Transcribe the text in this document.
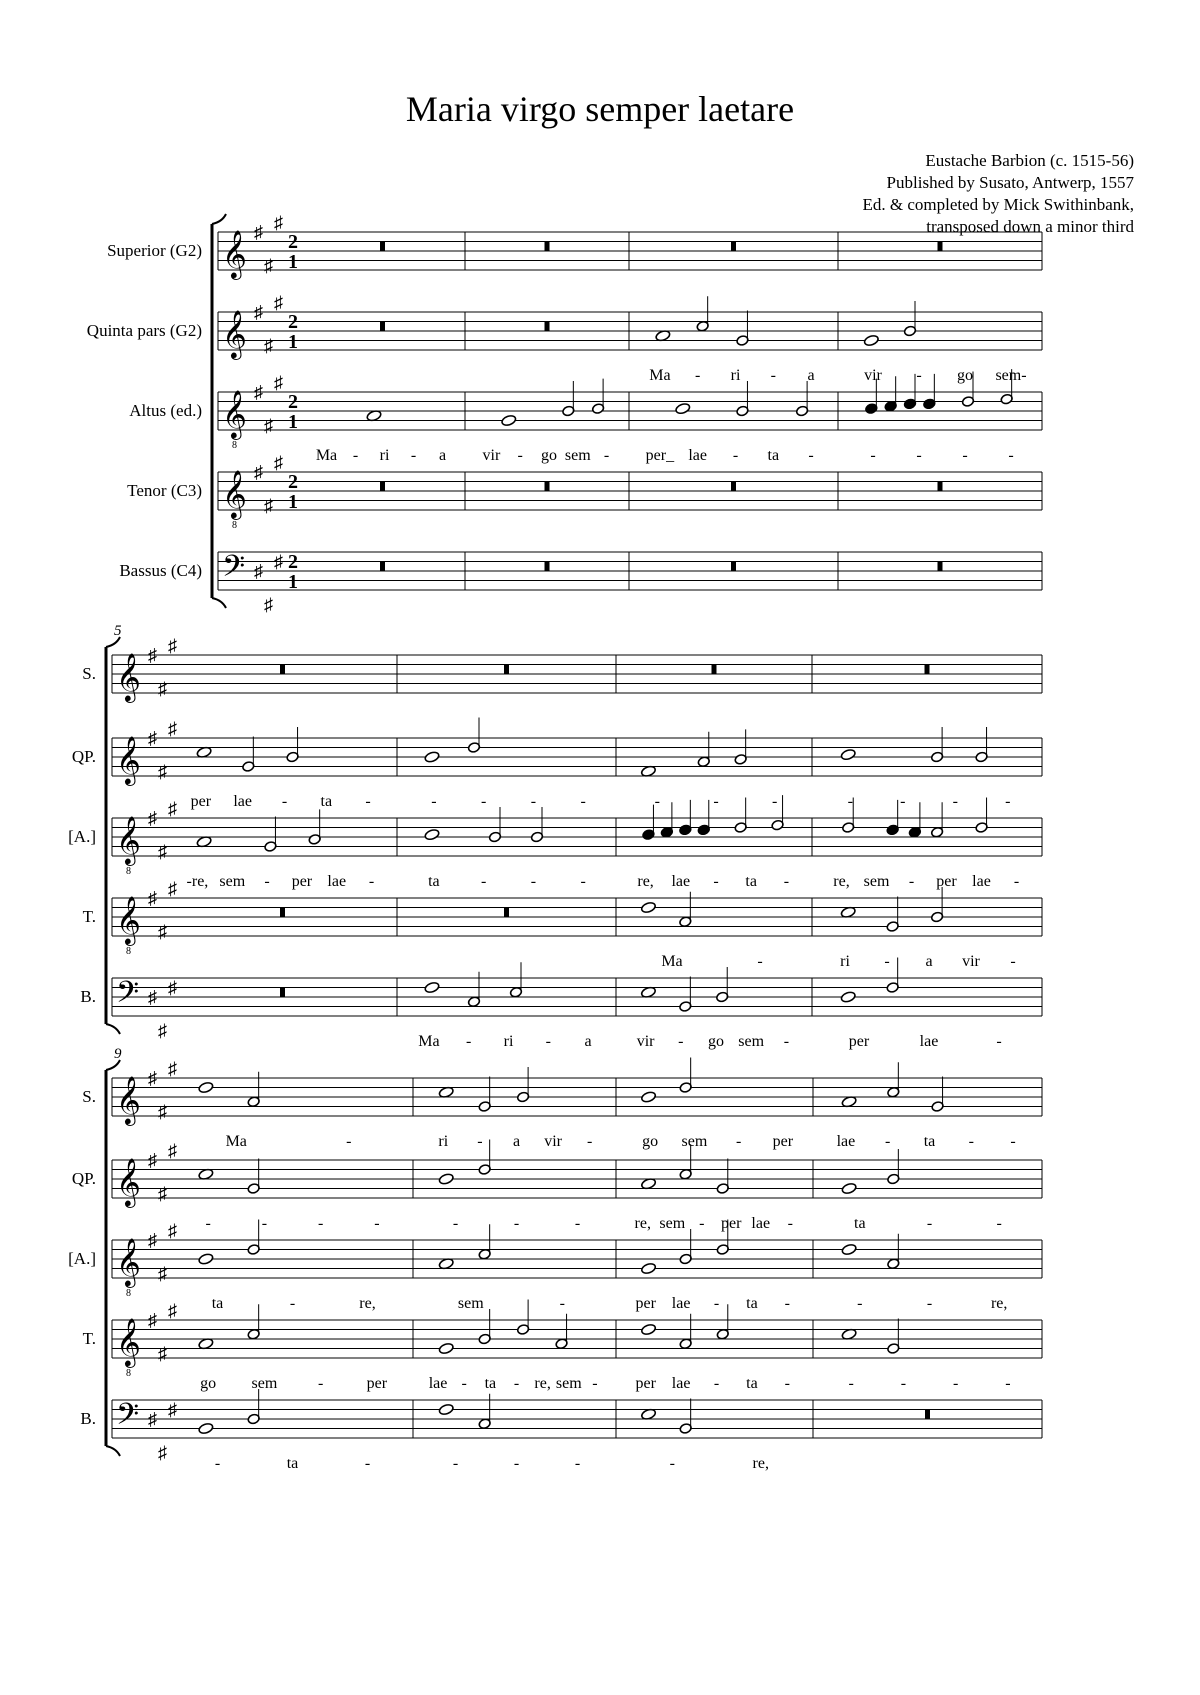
Maria virgo semper laetare
Eustache Barbion (c. 1515-56)
Published by Susato, Antwerp, 1557
Ed. & completed by Mick Swithinbank,
transposed down a minor third
𝄞 ♯
♯
♯
Superior (G2)	2
1
𝄞 ♯
♯
♯
Quinta pars (G2)	2
1
Ma - ri - a	vir - go sem-
𝄞
8
♯
♯
♯
Altus (ed.)	2
1
Ma - ri - a vir - go sem - per_ lae - ta -	-	-	-	-
𝄞
8
♯
♯
♯
Tenor (C3)	2
1
𝄢 ♯
♯
♯
Bassus (C4)	2
1
5
𝄞 ♯
♯
♯
S.
𝄞 ♯
♯
♯
QP.
per lae - ta -	-	-	-	-	-	-	-	-	-	-	-
𝄞
8
♯
♯
♯
[A.]
-re, sem - per lae -	ta	-	-	-	re, lae - ta -	re, sem - per lae -
𝄞
8
♯
♯
♯
T.
Ma	-	ri - a vir -
𝄢 ♯
♯
♯
B.
Ma - ri - a	vir - go sem -	per	lae	-
9
𝄞 ♯
♯
♯
S.
Ma	-	ri - a vir -	go sem - per	lae - ta - -
𝄞 ♯
♯
♯
QP.
-	-	-	-	-	-	-	re, sem - per lae -	ta	-	-
𝄞
8
♯
♯
♯
[A.]
ta	-	re,	sem	-	per lae - ta -	-	-	re,
𝄞
8
♯
♯
♯
T.
go sem	-	per	lae - ta - re, sem - per lae - ta -	-	-	-	-
𝄢 ♯
♯
♯
B.
-	ta	-	-	-	-	-	re,
